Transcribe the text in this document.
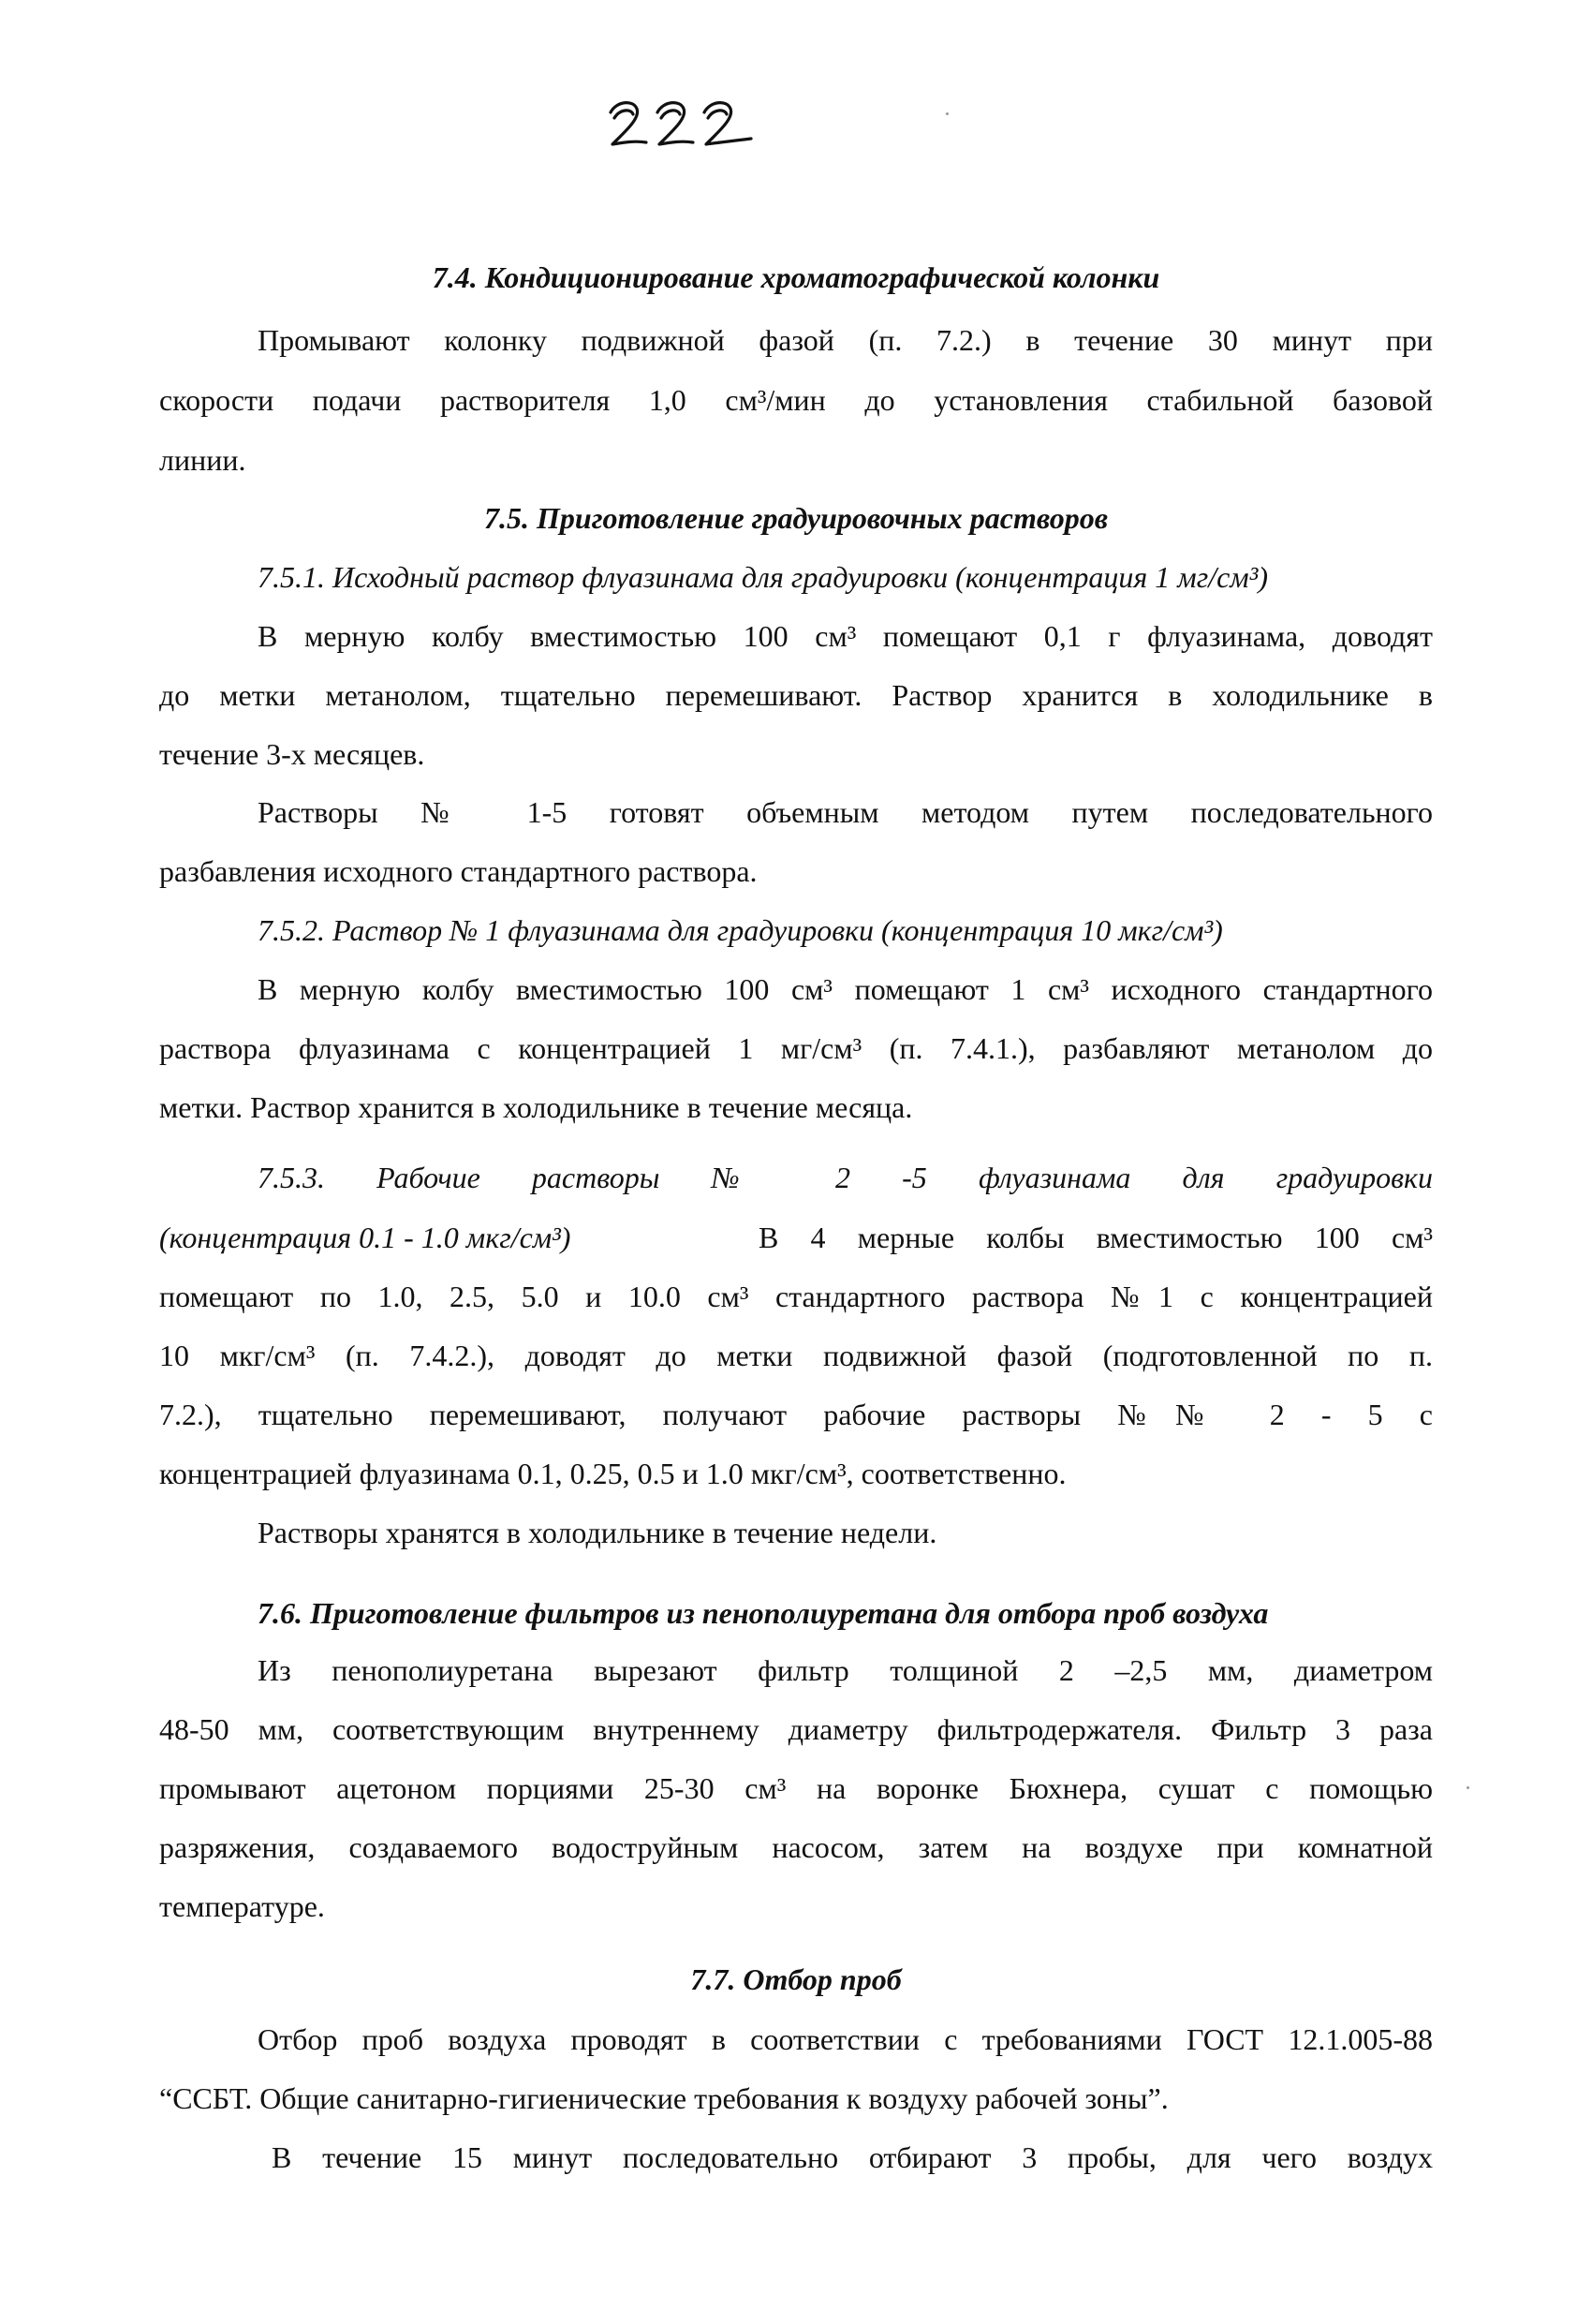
7.4. Кондиционирование хроматографической колонки
Промывают колонку подвижной фазой (п. 7.2.) в течение 30 минут при
скорости подачи растворителя 1,0 см³/мин до установления стабильной базовой
линии.
7.5. Приготовление градуировочных растворов
7.5.1. Исходный раствор флуазинама для градуировки (концентрация 1 мг/см³)
В мерную колбу вместимостью 100 см³ помещают 0,1 г флуазинама, доводят
до метки метанолом, тщательно перемешивают. Раствор хранится в холодильнике в
течение 3-х месяцев.
Растворы № 1-5 готовят объемным методом путем последовательного
разбавления исходного стандартного раствора.
7.5.2. Раствор № 1 флуазинама для градуировки (концентрация 10 мкг/см³)
В мерную колбу вместимостью 100 см³ помещают 1 см³ исходного стандартного
раствора флуазинама с концентрацией 1 мг/см³ (п. 7.4.1.), разбавляют метанолом до
метки. Раствор хранится в холодильнике в течение месяца.
7.5.3. Рабочие растворы № 2 -5 флуазинама для градуировки
(концентрация 0.1 - 1.0 мкг/см³)	В 4 мерные колбы вместимостью 100 см³
помещают по 1.0, 2.5, 5.0 и 10.0 см³ стандартного раствора №1 с концентрацией
10 мкг/см³ (п. 7.4.2.), доводят до метки подвижной фазой (подготовленной по п.
7.2.), тщательно перемешивают, получают рабочие растворы №№ 2 - 5 с
концентрацией флуазинама 0.1, 0.25, 0.5 и 1.0 мкг/см³, соответственно.
Растворы хранятся в холодильнике в течение недели.
7.6. Приготовление фильтров из пенополиуретана для отбора проб воздуха
Из пенополиуретана вырезают фильтр толщиной 2 –2,5 мм, диаметром
48-50 мм, соответствующим внутреннему диаметру фильтродержателя. Фильтр 3 раза
промывают ацетоном порциями 25-30 см³ на воронке Бюхнера, сушат с помощью
разряжения, создаваемого водоструйным насосом, затем на воздухе при комнатной
температуре.
7.7. Отбор проб
Отбор проб воздуха проводят в соответствии с требованиями ГОСТ 12.1.005-88
“ССБТ. Общие санитарно-гигиенические требования к воздуху рабочей зоны”.
В течение 15 минут последовательно отбирают 3 пробы, для чего воздух
